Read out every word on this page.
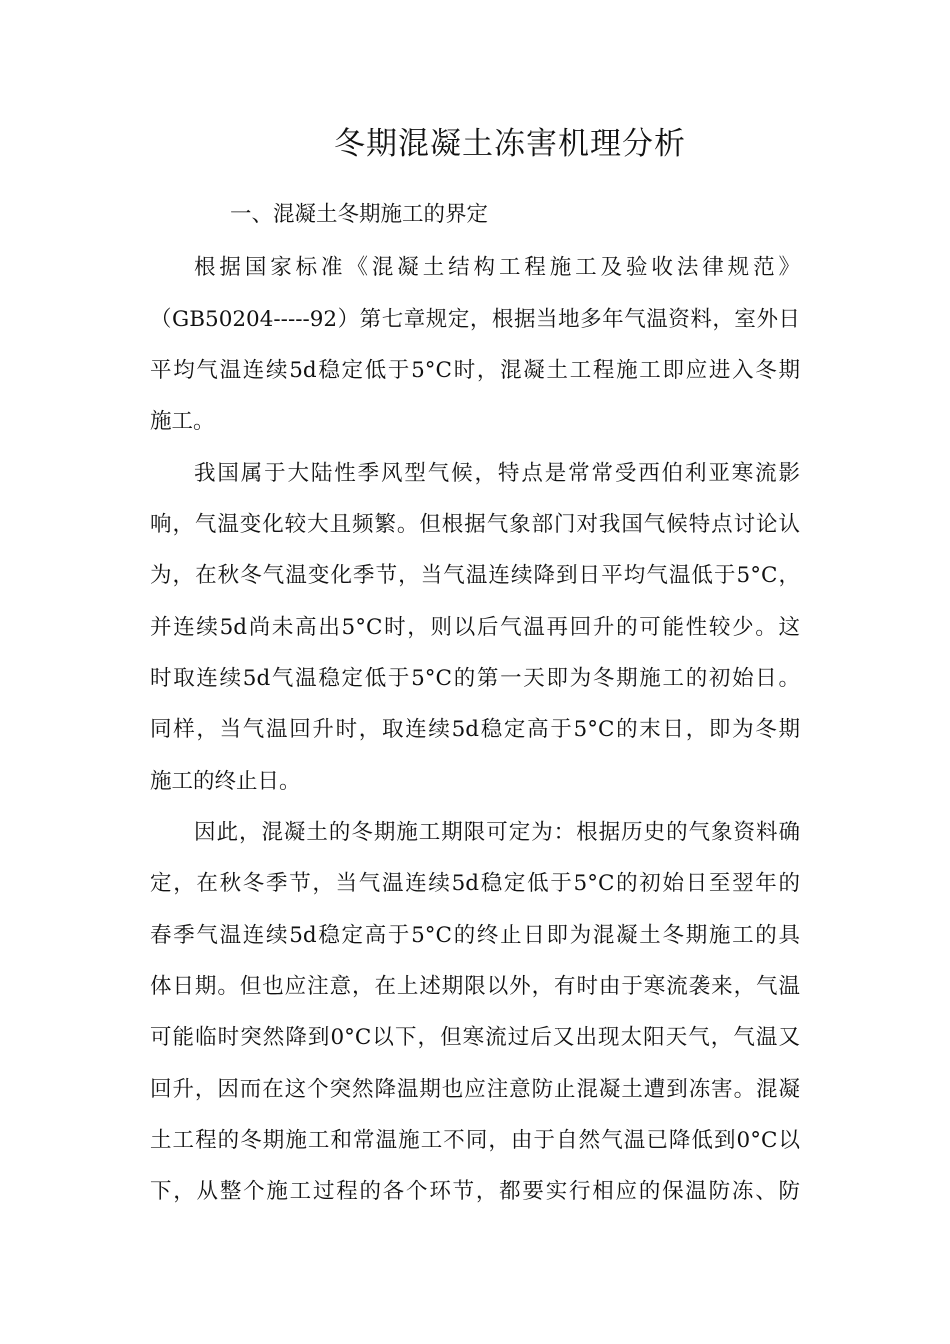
冬期混凝土冻害机理分析
一、混凝土冬期施工的界定
根据国家标准《混凝土结构工程施工及验收法律规范》
（GB50204-----92）第七章规定，根据当地多年气温资料，室外日
平均气温连续5d稳定低于5°C时，混凝土工程施工即应进入冬期
施工。
我国属于大陆性季风型气候，特点是常常受西伯利亚寒流影
响，气温变化较大且频繁。但根据气象部门对我国气候特点讨论认
为，在秋冬气温变化季节，当气温连续降到日平均气温低于5°C，
并连续5d尚未高出5°C时，则以后气温再回升的可能性较少。这
时取连续5d气温稳定低于5°C的第一天即为冬期施工的初始日。
同样，当气温回升时，取连续5d稳定高于5°C的末日，即为冬期
施工的终止日。
因此，混凝土的冬期施工期限可定为：根据历史的气象资料确
定，在秋冬季节，当气温连续5d稳定低于5°C的初始日至翌年的
春季气温连续5d稳定高于5°C的终止日即为混凝土冬期施工的具
体日期。但也应注意，在上述期限以外，有时由于寒流袭来，气温
可能临时突然降到0°C以下，但寒流过后又出现太阳天气，气温又
回升，因而在这个突然降温期也应注意防止混凝土遭到冻害。混凝
土工程的冬期施工和常温施工不同，由于自然气温已降低到0°C以
下，从整个施工过程的各个环节，都要实行相应的保温防冻、防
